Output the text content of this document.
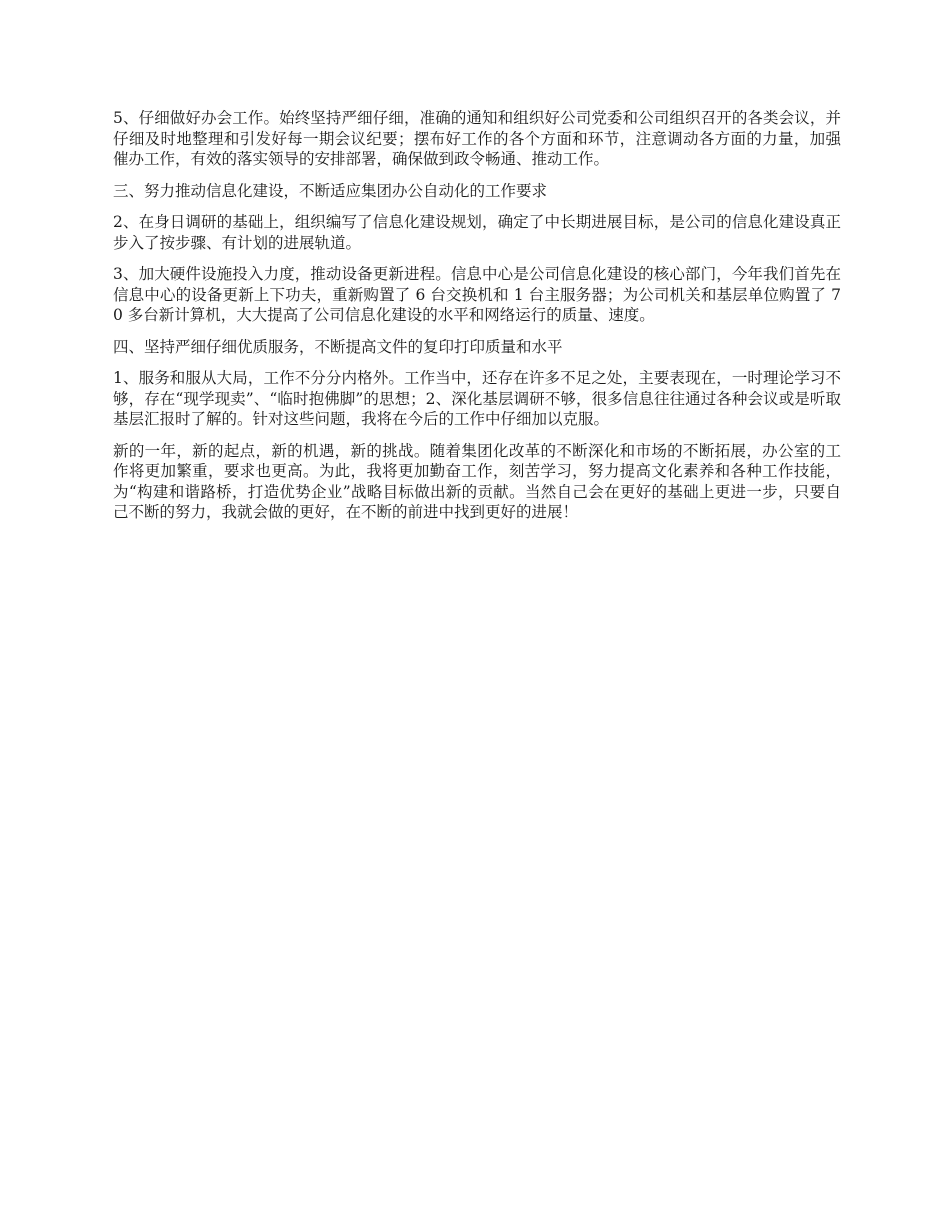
5、仔细做好办会工作。始终坚持严细仔细，准确的通知和组织好公司党委和公司组织召开的各类会议，并仔细及时地整理和引发好每一期会议纪要；摆布好工作的各个方面和环节，注意调动各方面的力量，加强催办工作，有效的落实领导的安排部署，确保做到政令畅通、推动工作。

三、努力推动信息化建设，不断适应集团办公自动化的工作要求

2、在身日调研的基础上，组织编写了信息化建设规划，确定了中长期进展目标，是公司的信息化建设真正步入了按步骤、有计划的进展轨道。

3、加大硬件设施投入力度，推动设备更新进程。信息中心是公司信息化建设的核心部门，今年我们首先在信息中心的设备更新上下功夫，重新购置了 6 台交换机和 1 台主服务器；为公司机关和基层单位购置了 70 多台新计算机，大大提高了公司信息化建设的水平和网络运行的质量、速度。

四、坚持严细仔细优质服务，不断提高文件的复印打印质量和水平

1、服务和服从大局，工作不分分内格外。工作当中，还存在许多不足之处，主要表现在，一时理论学习不够，存在“现学现卖”、“临时抱佛脚”的思想；2、深化基层调研不够，很多信息往往通过各种会议或是听取基层汇报时了解的。针对这些问题，我将在今后的工作中仔细加以克服。

新的一年，新的起点，新的机遇，新的挑战。随着集团化改革的不断深化和市场的不断拓展，办公室的工作将更加繁重，要求也更高。为此，我将更加勤奋工作，刻苦学习，努力提高文化素养和各种工作技能，为“构建和谐路桥，打造优势企业”战略目标做出新的贡献。当然自己会在更好的基础上更进一步，只要自己不断的努力，我就会做的更好，在不断的前进中找到更好的进展！
